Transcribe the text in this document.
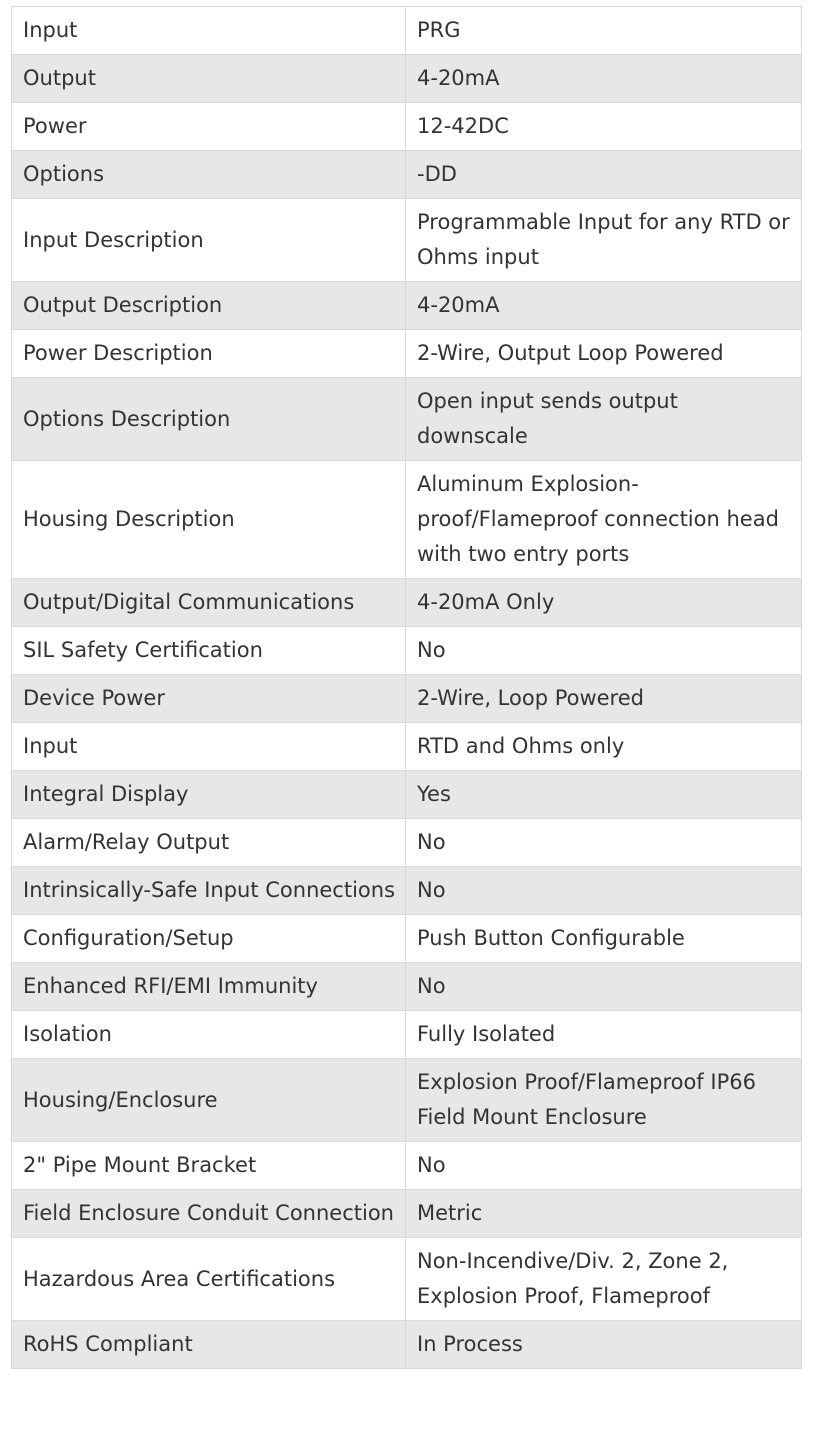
Input	PRG
Output	4-20mA
Power	12-42DC
Options	-DD
Input Description	Programmable Input for any RTD or Ohms input
Output Description	4-20mA
Power Description	2-Wire, Output Loop Powered
Options Description	Open input sends output downscale
Housing Description	Aluminum Explosion-proof/Flameproof connection head with two entry ports
Output/Digital Communications	4-20mA Only
SIL Safety Certification	No
Device Power	2-Wire, Loop Powered
Input	RTD and Ohms only
Integral Display	Yes
Alarm/Relay Output	No
Intrinsically-Safe Input Connections	No
Configuration/Setup	Push Button Configurable
Enhanced RFI/EMI Immunity	No
Isolation	Fully Isolated
Housing/Enclosure	Explosion Proof/Flameproof IP66 Field Mount Enclosure
2" Pipe Mount Bracket	No
Field Enclosure Conduit Connection	Metric
Hazardous Area Certifications	Non-Incendive/Div. 2, Zone 2, Explosion Proof, Flameproof
RoHS Compliant	In Process
